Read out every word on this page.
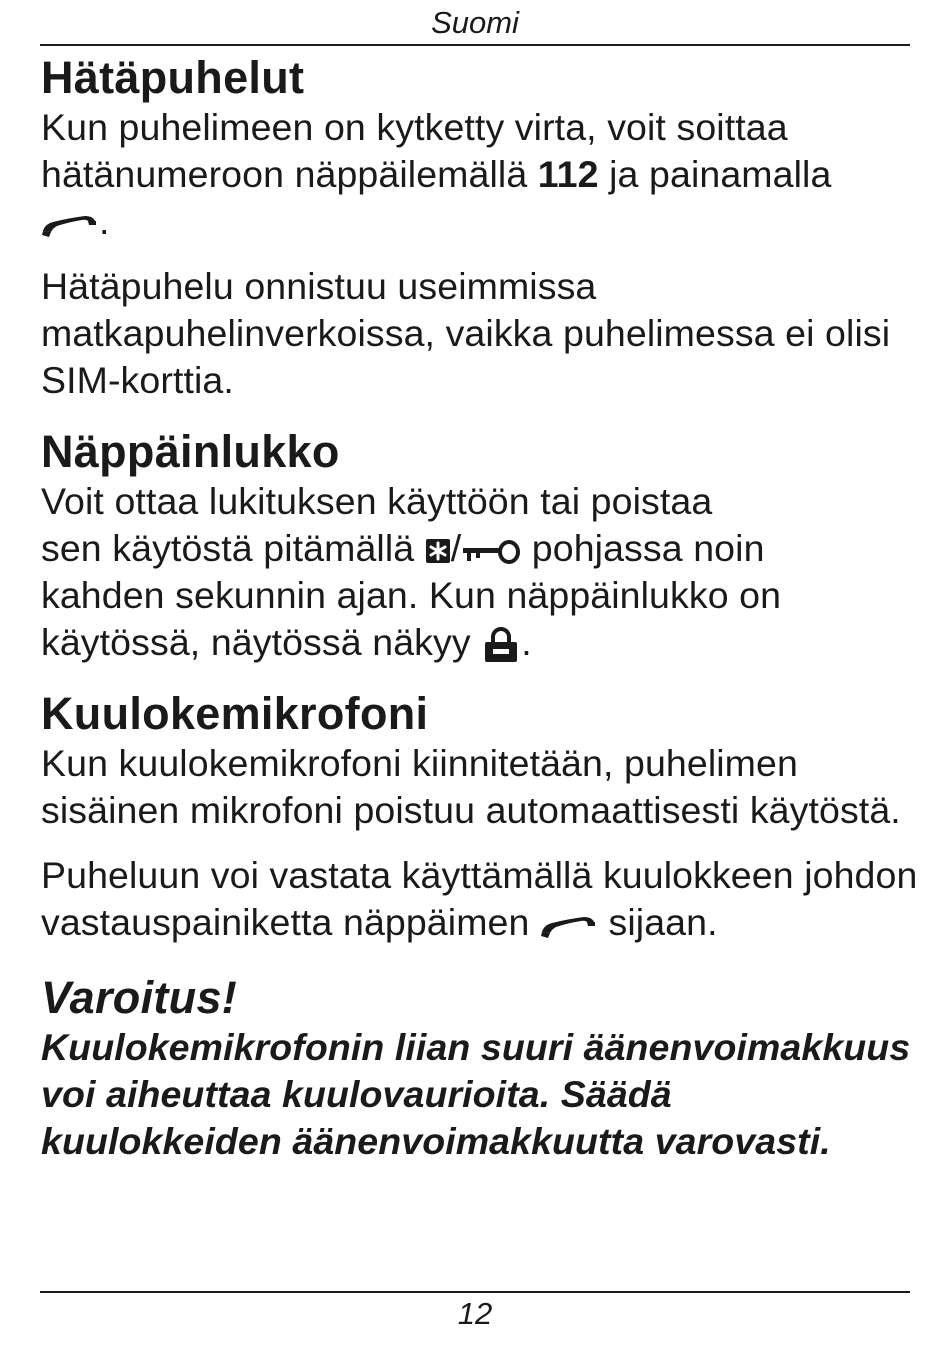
Suomi
Hätäpuhelut

Kun puhelimeen on kytketty virta, voit soittaa hätänumeroon näppäilemällä 112 ja painamalla

.

Hätäpuhelu onnistuu useimmissa matkapuhelinverkoissa, vaikka puhelimessa ei olisi SIM-korttia.

Näppäinlukko

Voit ottaa lukituksen käyttöön tai poistaa
sen käytöstä pitämällä
/
pohjassa noin
kahden sekunnin ajan. Kun näppäinlukko on
käytössä, näytössä näkyy
.

Kuulokemikrofoni

Kun kuulokemikrofoni kiinnitetään, puhelimen sisäinen mikrofoni poistuu automaattisesti käytöstä.

Puheluun voi vastata käyttämällä kuulokkeen johdon vastauspainiketta näppäimen
sijaan.

Varoitus!

Kuulokemikrofonin liian suuri äänenvoimakkuus voi aiheuttaa kuulovaurioita. Säädä kuulokkeiden äänenvoimakkuutta varovasti.

12
